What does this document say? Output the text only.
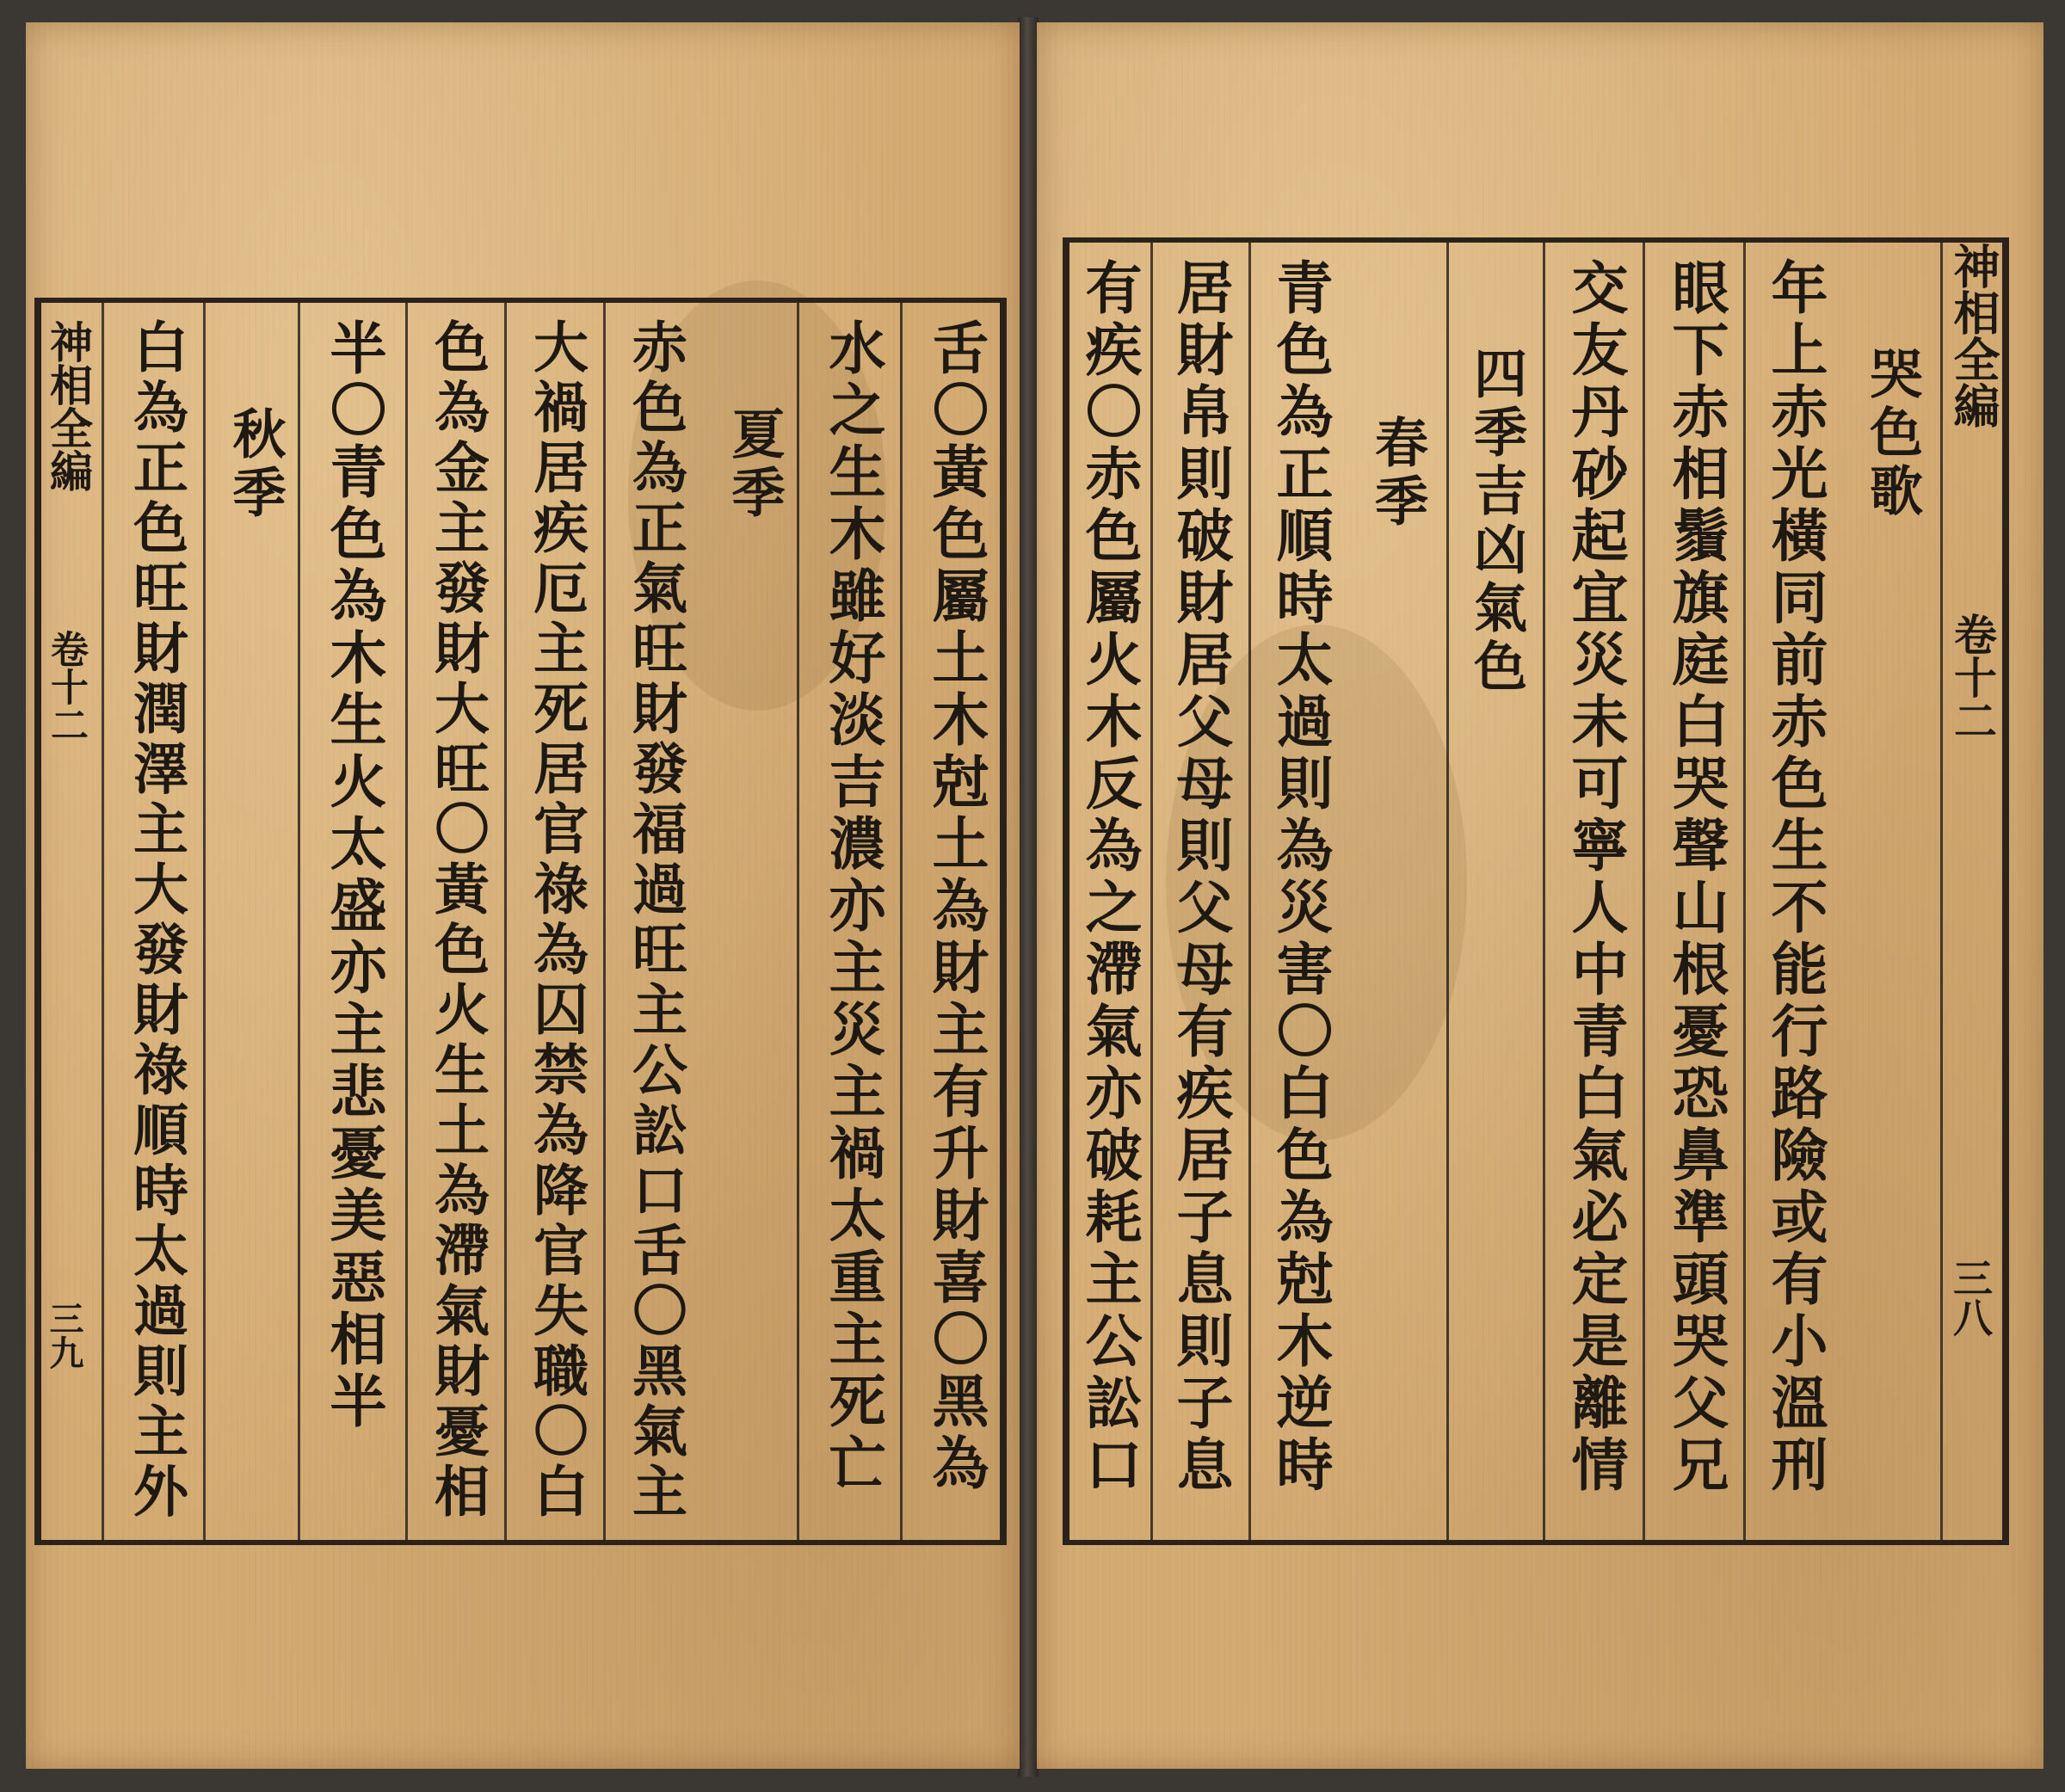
舌〇黃色屬土木尅土為財主有升財喜〇黑為
水之生木雖好淡吉濃亦主災主禍太重主死亡
夏季
赤色為正氣旺財發福過旺主公訟口舌〇黑氣主
大禍居疾厄主死居官祿為囚禁為降官失職〇白
色為金主發財大旺〇黃色火生土為滯氣財憂相
半〇青色為木生火太盛亦主悲憂美惡相半
秋季
白為正色旺財潤澤主大發財祿順時太過則主外
神相全編
卷十二
三九
神相全編
卷十二
三八
哭色歌
年上赤光橫同前赤色生不能行路險或有小溫刑
眼下赤相鬚旗庭白哭聲山根憂恐鼻準頭哭父兄
交友丹砂起宜災未可寧人中青白氣必定是離情
四季吉凶氣色
春季
青色為正順時太過則為災害〇白色為尅木逆時
居財帛則破財居父母則父母有疾居子息則子息
有疾〇赤色屬火木反為之滯氣亦破耗主公訟口
